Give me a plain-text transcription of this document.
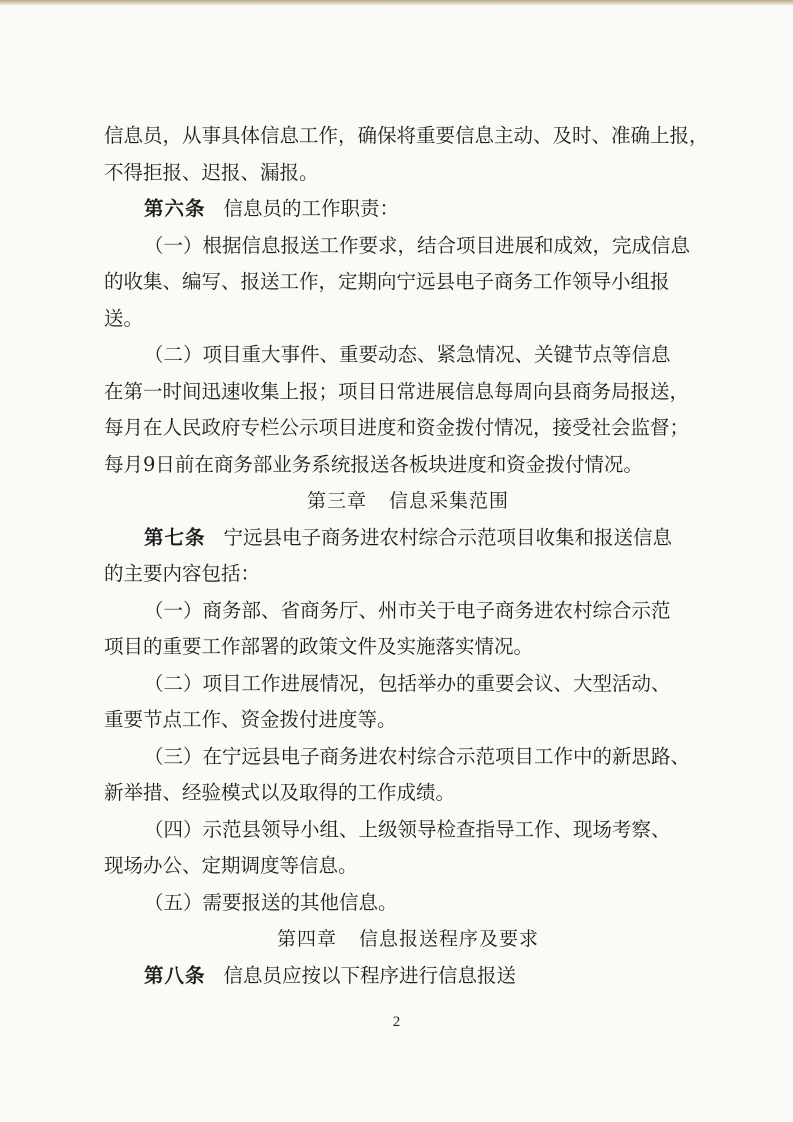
信息员，从事具体信息工作，确保将重要信息主动、及时、准确上报，
不得拒报、迟报、漏报。
第六条 信息员的工作职责：
（一）根据信息报送工作要求，结合项目进展和成效，完成信息
的收集、编写、报送工作，定期向宁远县电子商务工作领导小组报
送。
（二）项目重大事件、重要动态、紧急情况、关键节点等信息
在第一时间迅速收集上报；项目日常进展信息每周向县商务局报送，
每月在人民政府专栏公示项目进度和资金拨付情况，接受社会监督；
每月9日前在商务部业务系统报送各板块进度和资金拨付情况。
第三章 信息采集范围
第七条 宁远县电子商务进农村综合示范项目收集和报送信息
的主要内容包括：
（一）商务部、省商务厅、州市关于电子商务进农村综合示范
项目的重要工作部署的政策文件及实施落实情况。
（二）项目工作进展情况，包括举办的重要会议、大型活动、
重要节点工作、资金拨付进度等。
（三）在宁远县电子商务进农村综合示范项目工作中的新思路、
新举措、经验模式以及取得的工作成绩。
（四）示范县领导小组、上级领导检查指导工作、现场考察、
现场办公、定期调度等信息。
（五）需要报送的其他信息。
第四章 信息报送程序及要求
第八条 信息员应按以下程序进行信息报送
2
